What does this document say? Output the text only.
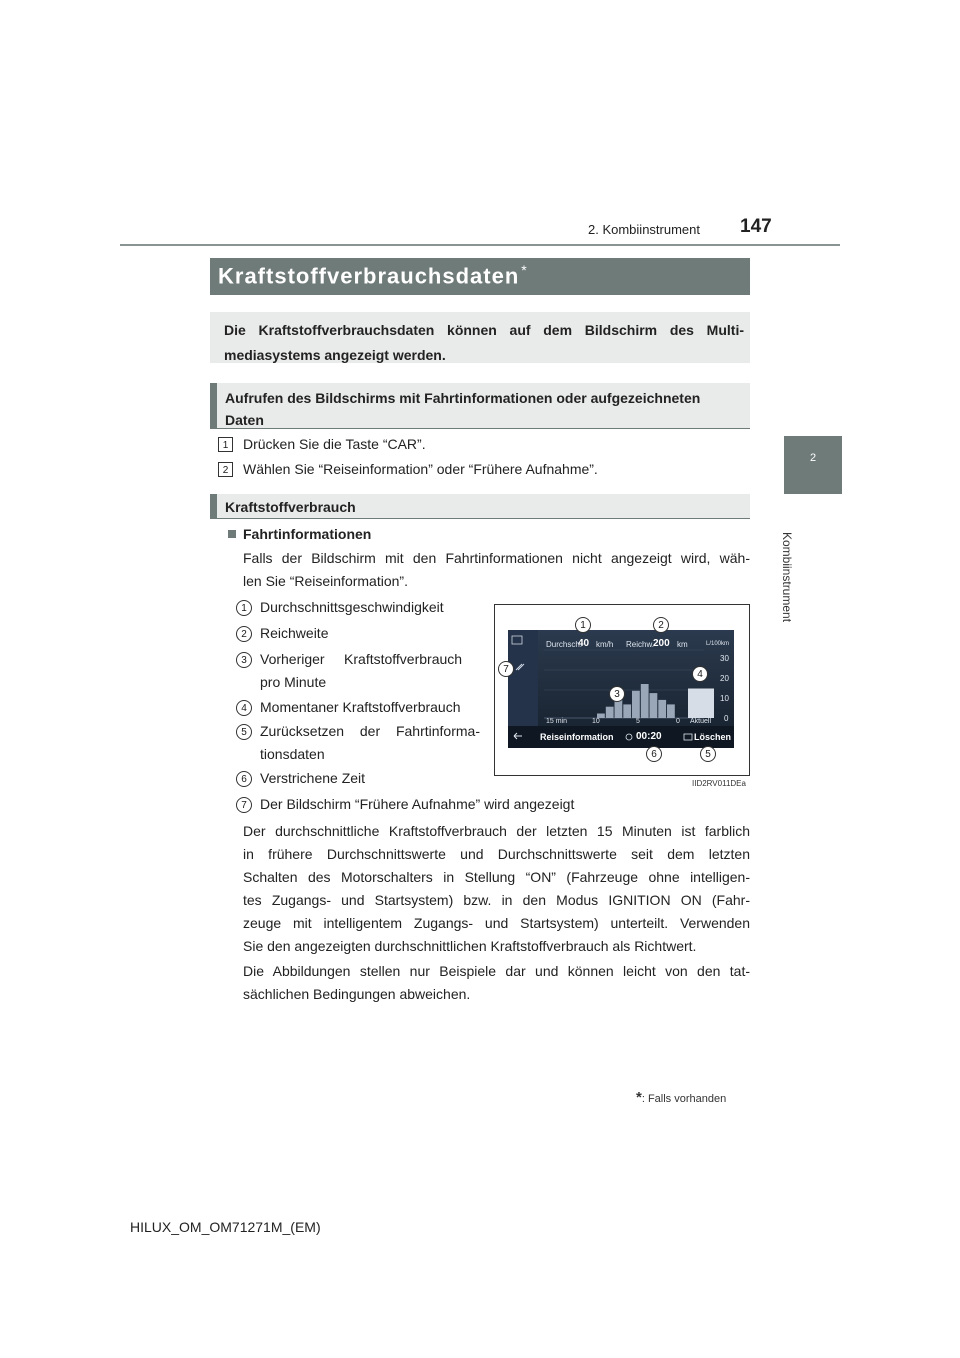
2. Kombiinstrument 147
2
Kombiinstrument
Kraftstoffverbrauchsdaten *
Die Kraftstoffverbrauchsdaten können auf dem Bildschirm des Multi-
mediasystems angezeigt werden.
Aufrufen des Bildschirms mit Fahrtinformationen oder aufgezeichneten
Daten
1	Drücken Sie die Taste “CAR”.
2	Wählen Sie “Reiseinformation” oder “Frühere Aufnahme”.
Kraftstoffverbrauch
Fahrtinformationen
Falls der Bildschirm mit den Fahrtinformationen nicht angezeigt wird, wäh-
len Sie “Reiseinformation”.
1 Durchschnittsgeschwindigkeit
2 Reichweite
3 Vorheriger     Kraftstoffverbrauch
pro Minute
4 Momentaner Kraftstoffverbrauch
5 Zurücksetzen der Fahrtinforma-
tionsdaten
6 Verstrichene Zeit
7 Der Bildschirm “Frühere Aufnahme” wird angezeigt
Durchsch.
40 km/h Reichw.
200 km	L/100km
30
20
10
0
15 min	10	5	0 Aktuell
Reiseinformation 00:20	Löschen
1	2
3
4
5
6
7
IID2RV011DEa
Der durchschnittliche Kraftstoffverbrauch der letzten 15 Minuten ist farblich
in frühere Durchschnittswerte und Durchschnittswerte seit dem letzten
Schalten des Motorschalters in Stellung “ON” (Fahrzeuge ohne intelligen-
tes Zugangs- und Startsystem) bzw. in den Modus IGNITION ON (Fahr-
zeuge mit intelligentem Zugangs- und Startsystem) unterteilt. Verwenden
Sie den angezeigten durchschnittlichen Kraftstoffverbrauch als Richtwert.
Die Abbildungen stellen nur Beispiele dar und können leicht von den tat-
sächlichen Bedingungen abweichen.
*: Falls vorhanden
HILUX_OM_OM71271M_(EM)
